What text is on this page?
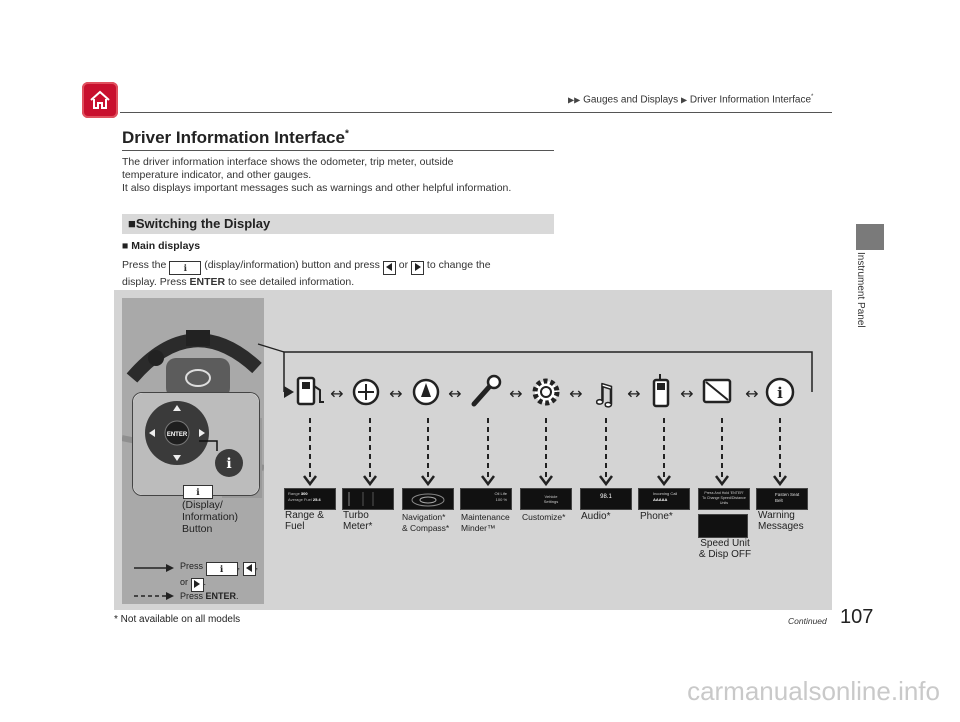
▶▶ Gauges and Displays ▶ Driver Information Interface*
Instrument Panel
Driver Information Interface*
The driver information interface shows the odometer, trip meter, outside
temperature indicator, and other gauges.
It also displays important messages such as warnings and other helpful information.
■Switching the Display
■ Main displays
Press the ℹ (display/information) button and press or to change the
display. Press ENTER to see detailed information.
ENTER
ℹ
ℹ
(Display/
Information)
Button
↔	↔	↔	↔	↔ ♫ ↔ ↔	↔ ℹ
Range 300
Average Fuel 25.4
Oil Life
100 %
Vehicle Settings
98.1
Incoming Call
AAAAA
Press And Hold 'ENTER' To Change Speed/Distance Units
Fasten Seat Belt
Range &
Fuel
Turbo
Meter*
Navigation*
& Compass*
Maintenance
Minder™
Customize* Audio*	Phone*
Speed Unit
& Disp OFF
Warning
Messages
Press ℹ , ,
or .
Press ENTER.
* Not available on all models	Continued 107
carmanualsonline.info
